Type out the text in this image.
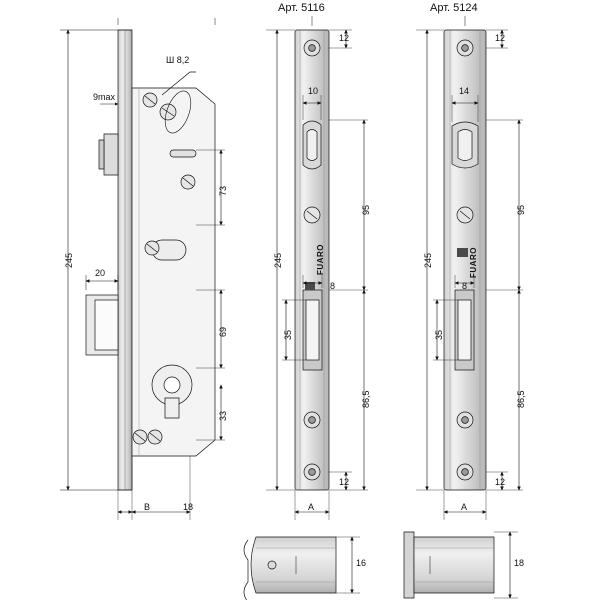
Арт. 5116	Арт. 5124
FUARO	FUARO
9max
Ш 8,2
245
20
73
69
33
B	18
12
10
245
95
8
35
86,5
12
A
12
14
245
95
8
35
86,5
12
A
16	18
